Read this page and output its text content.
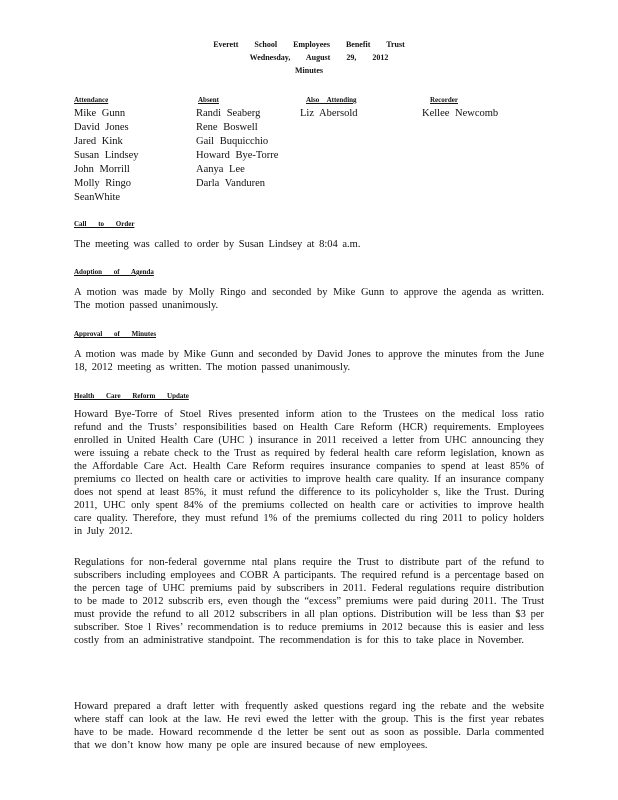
Everett School Employees Benefit Trust
Wednesday, August 29, 2012
Minutes
Attendance
Mike Gunn
David Jones
Jared Kink
Susan Lindsey
John Morrill
Molly Ringo
SeanWhite
Absent
Randi Seaberg
Rene Boswell
Gail Buquicchio
Howard Bye-Torre
Aanya Lee
Darla Vanduren
Also Attending
Liz Abersold
Recorder
Kellee Newcomb
Call to Order

The meeting was called to order by Susan Lindsey at 8:04 a.m.

Adoption of Agenda

A motion was made by Molly Ringo and seconded by Mike Gunn to approve the agenda as written. The motion passed unanimously.

Approval of Minutes

A motion was made by Mike Gunn and seconded by David Jones to approve the minutes from the June 18, 2012 meeting as written. The motion passed unanimously.

Health Care Reform Update

Howard Bye-Torre of Stoel Rives presented inform ation to the Trustees on the medical loss ratio refund and the Trusts’ responsibilities based on Health Care Reform (HCR) requirements. Employees enrolled in United Health Care (UHC ) insurance in 2011 received a letter from UHC announcing they were issuing a rebate check to the Trust as required by federal health care reform legislation, known as the Affordable Care Act. Health Care Reform requires insurance companies to spend at least 85% of premiums co llected on health care or activities to improve health care quality. If an insurance company does not spend at least 85%, it must refund the difference to its policyholder s, like the Trust. During 2011, UHC only spent 84% of the premiums collected on health care or activities to improve health care quality. Therefore, they must refund 1% of the premiums collected du ring 2011 to policy holders in July 2012.

Regulations for non-federal governme ntal plans require the Trust to distribute part of the refund to subscribers including employees and COBR A participants. The required refund is a percentage based on the percen tage of UHC premiums paid by subscribers in 2011. Federal regulations require distribution to be made to 2012 subscrib ers, even though the “excess” premiums were paid during 2011. The Trust must provide the refund to all 2012 subscribers in all plan options. Distribution will be less than $3 per subscriber. Stoe l Rives’ recommendation is to reduce premiums in 2012 because this is easier and less costly from an administrative standpoint. The recommendation is for this to take place in November.

Howard prepared a draft letter with frequently asked questions regard ing the rebate and the website where staff can look at the law. He revi ewed the letter with the group. This is the first year rebates have to be made. Howard recommende d the letter be sent out as soon as possible. Darla commented that we don’t know how many pe ople are insured because of new employees.
